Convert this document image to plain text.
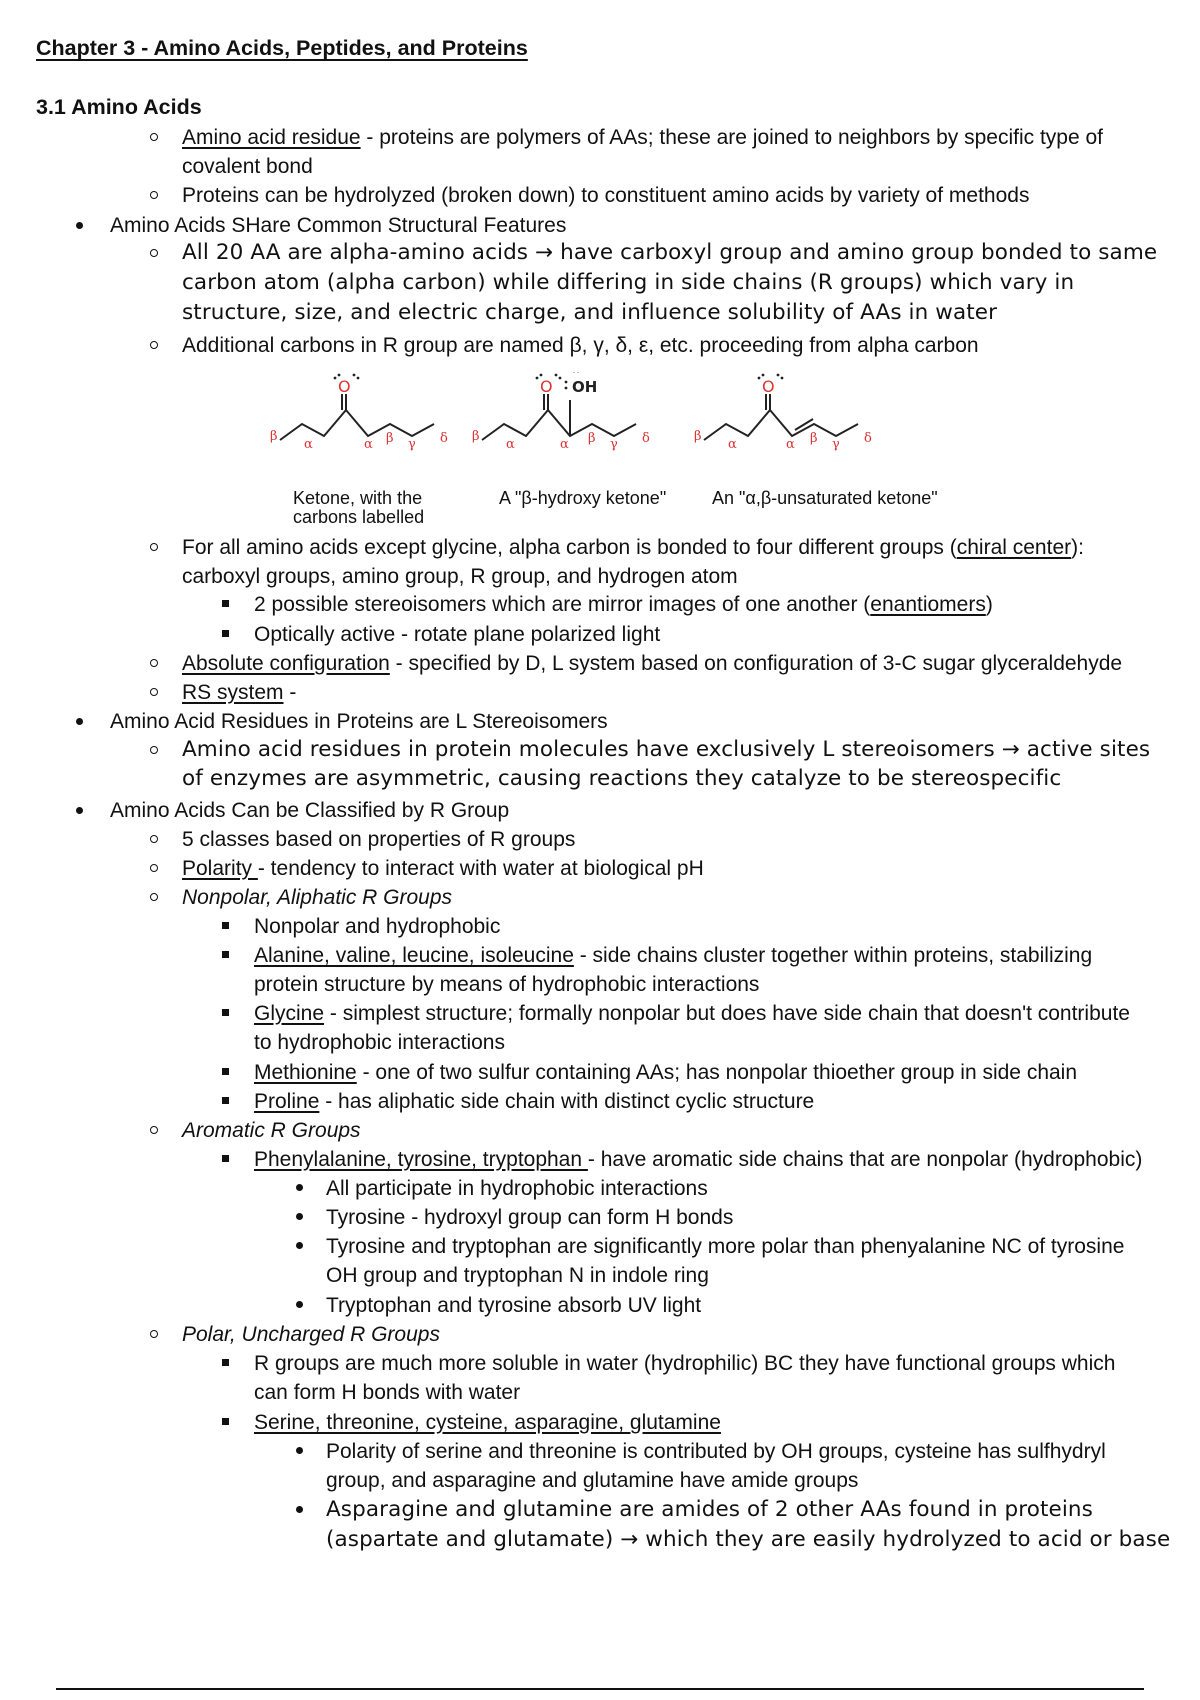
Chapter 3 - Amino Acids, Peptides, and Proteins
3.1 Amino Acids
Amino acid residue - proteins are polymers of AAs; these are joined to neighbors by specific type of
covalent bond
Proteins can be hydrolyzed (broken down) to constituent amino acids by variety of methods
Amino Acids SHare Common Structural Features
All 20 AA are alpha-amino acids → have carboxyl group and amino group bonded to same
carbon atom (alpha carbon) while differing in side chains (R groups) which vary in
structure, size, and electric charge, and influence solubility of AAs in water
Additional carbons in R group are named β, γ, δ, ε, etc. proceeding from alpha carbon
β
α	α β γ δ
O
β
α	α β γ δ
O OH
β
α	α β γ δ
O
Ketone, with the
carbons labelled
A "β-hydroxy ketone"	An "α,β-unsaturated ketone"
For all amino acids except glycine, alpha carbon is bonded to four different groups (chiral center):
carboxyl groups, amino group, R group, and hydrogen atom
2 possible stereoisomers which are mirror images of one another (enantiomers)
Optically active - rotate plane polarized light
Absolute configuration - specified by D, L system based on configuration of 3-C sugar glyceraldehyde
RS system -
Amino Acid Residues in Proteins are L Stereoisomers
Amino acid residues in protein molecules have exclusively L stereoisomers → active sites
of enzymes are asymmetric, causing reactions they catalyze to be stereospecific
Amino Acids Can be Classified by R Group
5 classes based on properties of R groups
Polarity - tendency to interact with water at biological pH
Nonpolar, Aliphatic R Groups
Nonpolar and hydrophobic
Alanine, valine, leucine, isoleucine - side chains cluster together within proteins, stabilizing
protein structure by means of hydrophobic interactions
Glycine - simplest structure; formally nonpolar but does have side chain that doesn't contribute
to hydrophobic interactions
Methionine - one of two sulfur containing AAs; has nonpolar thioether group in side chain
Proline - has aliphatic side chain with distinct cyclic structure
Aromatic R Groups
Phenylalanine, tyrosine, tryptophan - have aromatic side chains that are nonpolar (hydrophobic)
All participate in hydrophobic interactions
Tyrosine - hydroxyl group can form H bonds
Tyrosine and tryptophan are significantly more polar than phenyalanine NC of tyrosine
OH group and tryptophan N in indole ring
Tryptophan and tyrosine absorb UV light
Polar, Uncharged R Groups
R groups are much more soluble in water (hydrophilic) BC they have functional groups which
can form H bonds with water
Serine, threonine, cysteine, asparagine, glutamine
Polarity of serine and threonine is contributed by OH groups, cysteine has sulfhydryl
group, and asparagine and glutamine have amide groups
Asparagine and glutamine are amides of 2 other AAs found in proteins
(aspartate and glutamate) → which they are easily hydrolyzed to acid or base
